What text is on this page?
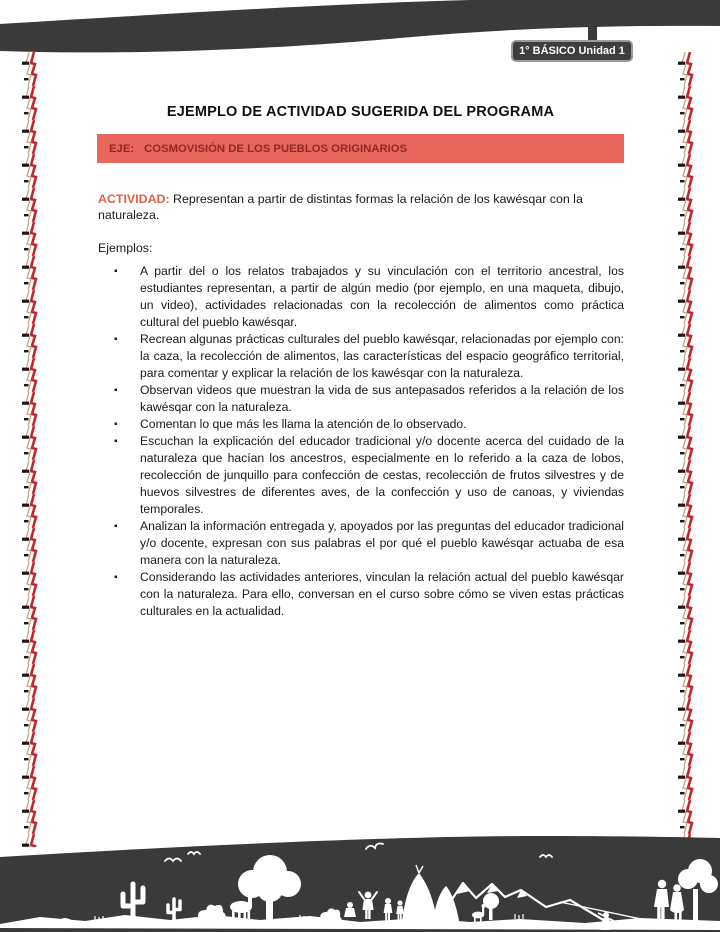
1° BÁSICO Unidad 1
EJEMPLO DE ACTIVIDAD SUGERIDA DEL PROGRAMA
EJE: COSMOVISIÓN DE LOS PUEBLOS ORIGINARIOS

ACTIVIDAD: Representan a partir de distintas formas la relación de los kawésqar con la naturaleza.

Ejemplos:

▪ A partir del o los relatos trabajados y su vinculación con el territorio ancestral, los estudiantes representan, a partir de algún medio (por ejemplo, en una maqueta, dibujo, un video), actividades relacionadas con la recolección de alimentos como práctica cultural del pueblo kawésqar.
▪ Recrean algunas prácticas culturales del pueblo kawésqar, relacionadas por ejemplo con: la caza, la recolección de alimentos, las características del espacio geográfico territorial, para comentar y explicar la relación de los kawésqar con la naturaleza.
▪ Observan videos que muestran la vida de sus antepasados referidos a la relación de los kawésqar con la naturaleza.
▪ Comentan lo que más les llama la atención de lo observado.
▪ Escuchan la explicación del educador tradicional y/o docente acerca del cuidado de la naturaleza que hacían los ancestros, especialmente en lo referido a la caza de lobos, recolección de junquillo para confección de cestas, recolección de frutos silvestres y de huevos silvestres de diferentes aves, de la confección y uso de canoas, y viviendas temporales.
▪ Analizan la información entregada y, apoyados por las preguntas del educador tradicional y/o docente, expresan con sus palabras el por qué el pueblo kawésqar actuaba de esa manera con la naturaleza.
▪ Considerando las actividades anteriores, vinculan la relación actual del pueblo kawésqar con la naturaleza. Para ello, conversan en el curso sobre cómo se viven estas prácticas culturales en la actualidad.
